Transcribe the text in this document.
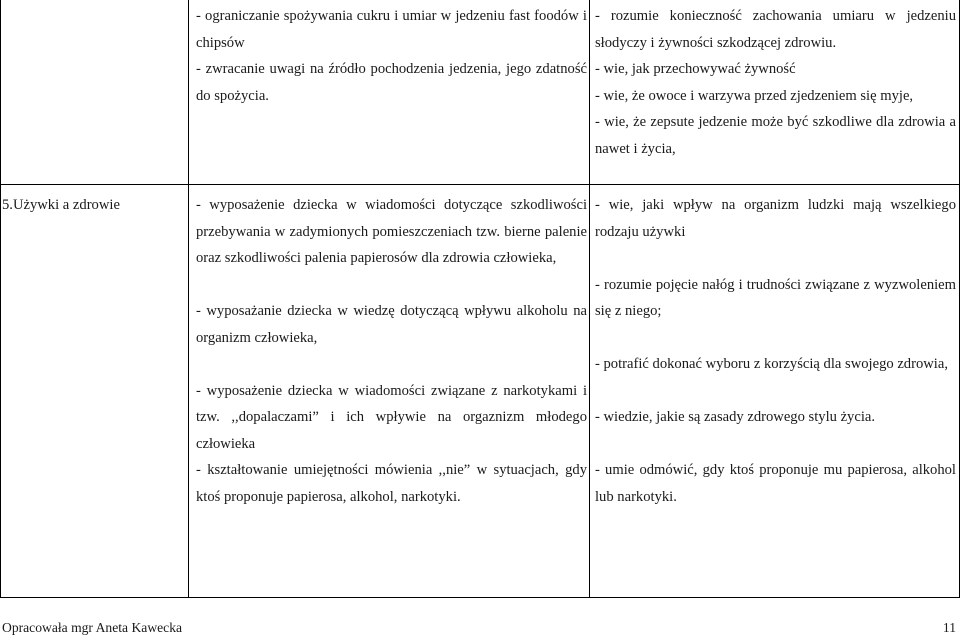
- ograniczanie spożywania cukru i umiar w jedzeniu fast foodów i chipsów

- zwracanie uwagi na źródło pochodzenia jedzenia, jego zdatność do spożycia.

- rozumie konieczność zachowania umiaru w jedzeniu słodyczy i żywności szkodzącej zdrowiu.

- wie, jak przechowywać żywność

- wie, że owoce i warzywa przed zjedzeniem się myje,

- wie, że zepsute jedzenie może być szkodliwe dla zdrowia a nawet i życia,

5.Używki a zdrowie	- wyposażenie dziecka w wiadomości dotyczące szkodliwości przebywania w zadymionych pomieszczeniach tzw. bierne palenie oraz szkodliwości palenia papierosów dla zdrowia człowieka,

- wyposażanie dziecka w wiedzę dotyczącą wpływu alkoholu na organizm człowieka,

- wyposażenie dziecka w wiadomości związane z narkotykami i tzw. ,,dopalaczami” i ich wpływie na orgaznizm młodego człowieka

- kształtowanie umiejętności mówienia ,,nie” w sytuacjach, gdy ktoś proponuje papierosa, alkohol, narkotyki.

- wie, jaki wpływ na organizm ludzki mają wszelkiego rodzaju używki

- rozumie pojęcie nałóg i trudności związane z wyzwoleniem się z niego;

- potrafić dokonać wyboru z korzyścią dla swojego zdrowia,

- wiedzie, jakie są zasady zdrowego stylu życia.

- umie odmówić, gdy ktoś proponuje mu papierosa, alkohol lub narkotyki.

Opracowała mgr Aneta Kawecka	11
